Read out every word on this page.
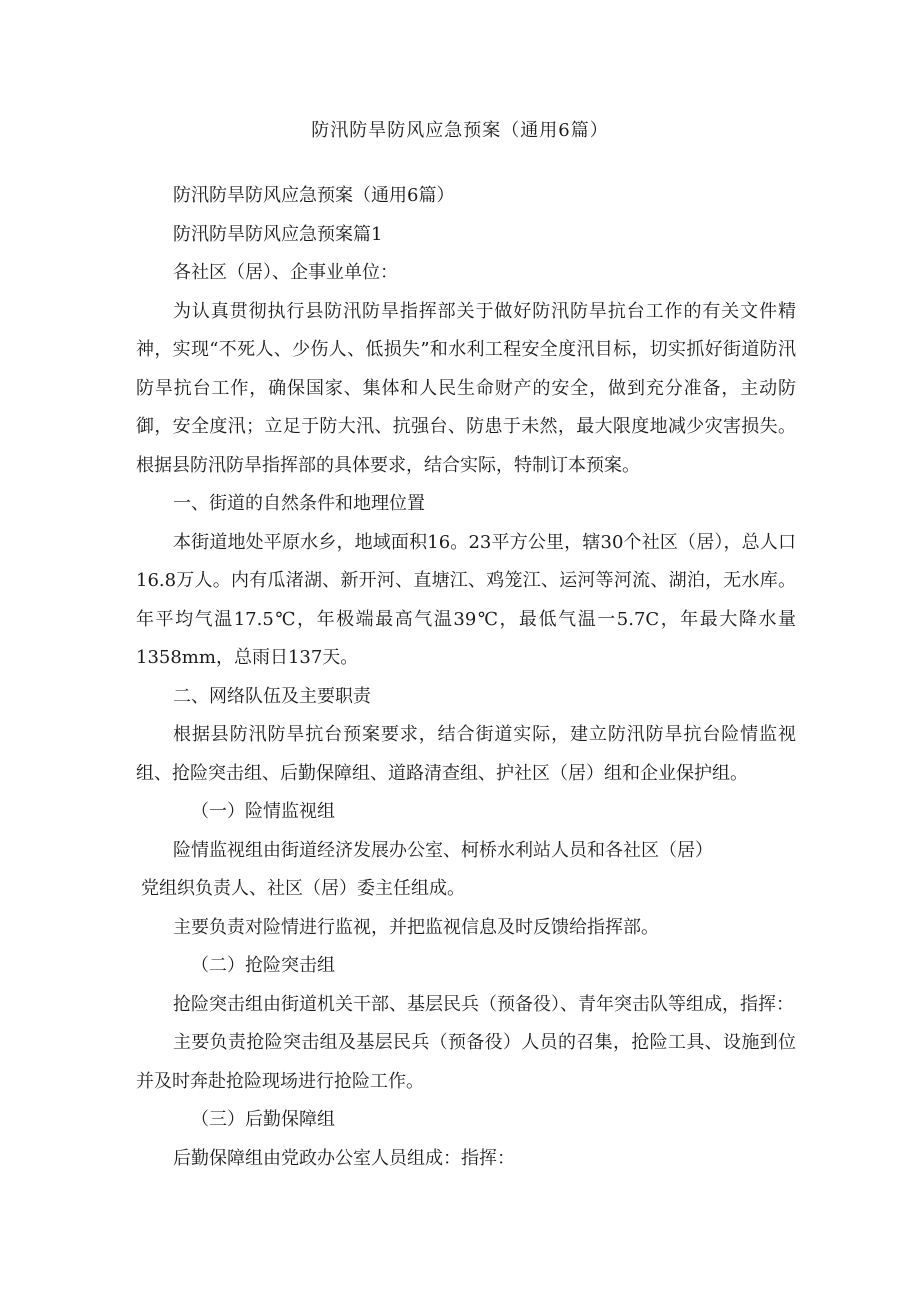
防汛防旱防风应急预案（通用6篇）

防汛防旱防风应急预案（通用6篇）

防汛防旱防风应急预案篇1

各社区（居）、企事业单位：

为认真贯彻执行县防汛防旱指挥部关于做好防汛防旱抗台工作的有关文件精神，实现“不死人、少伤人、低损失”和水利工程安全度汛目标，切实抓好街道防汛防旱抗台工作，确保国家、集体和人民生命财产的安全，做到充分准备，主动防御，安全度汛；立足于防大汛、抗强台、防患于未然，最大限度地减少灾害损失。根据县防汛防旱指挥部的具体要求，结合实际，特制订本预案。

一、街道的自然条件和地理位置

本街道地处平原水乡，地域面积16。23平方公里，辖30个社区（居），总人口16.8万人。内有瓜渚湖、新开河、直塘江、鸡笼江、运河等河流、湖泊，无水库。年平均气温17.5℃，年极端最高气温39℃，最低气温一5.7C，年最大降水量1358mm，总雨日137天。

二、网络队伍及主要职责

根据县防汛防旱抗台预案要求，结合街道实际，建立防汛防旱抗台险情监视组、抢险突击组、后勤保障组、道路清查组、护社区（居）组和企业保护组。

（一）险情监视组

险情监视组由街道经济发展办公室、柯桥水利站人员和各社区（居）

党组织负责人、社区（居）委主任组成。

主要负责对险情进行监视，并把监视信息及时反馈给指挥部。

（二）抢险突击组

抢险突击组由街道机关干部、基层民兵（预备役）、青年突击队等组成，指挥：

主要负责抢险突击组及基层民兵（预备役）人员的召集，抢险工具、设施到位并及时奔赴抢险现场进行抢险工作。

（三）后勤保障组

后勤保障组由党政办公室人员组成：指挥：
